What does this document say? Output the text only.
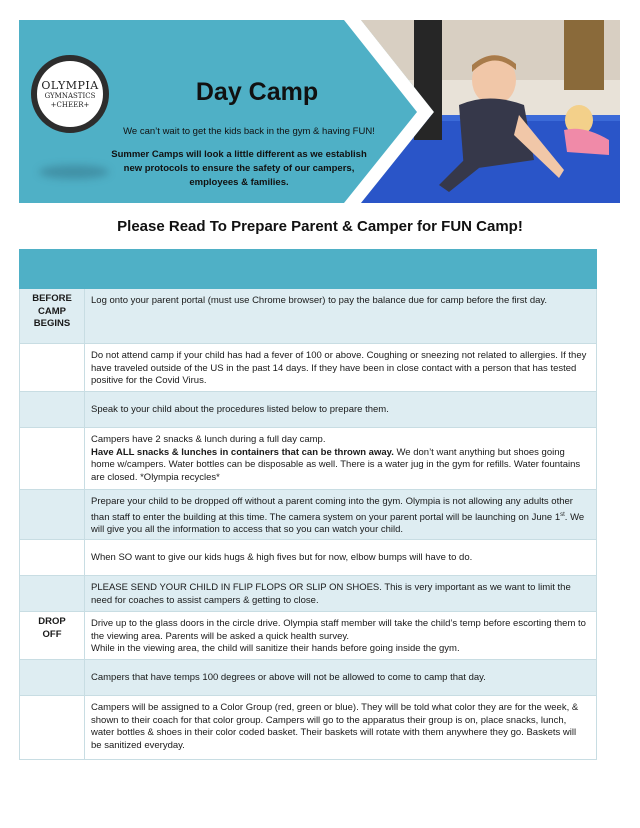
OLYMPIA
GYMNASTICS
+CHEER+	Day Camp

We can’t wait to get the kids back in the gym & having FUN!

Summer Camps will look a little different as we establish new protocols to ensure the safety of our campers, employees & families.

Please Read To Prepare Parent & Camper for FUN Camp!

BEFORE CAMP BEGINS	Log onto your parent portal (must use Chrome browser) to pay the balance due for camp before the first day.

	Do not attend camp if your child has had a fever of 100 or above. Coughing or sneezing not related to allergies. If they have traveled outside of the US in the past 14 days. If they have been in close contact with a person that has tested positive for the Covid Virus.

	Speak to your child about the procedures listed below to prepare them.

	Campers have 2 snacks & lunch during a full day camp.
Have ALL snacks & lunches in containers that can be thrown away. We don’t want anything but shoes going home w/campers. Water bottles can be disposable as well. There is a water jug in the gym for refills. Water fountains are closed. *Olympia recycles*

	Prepare your child to be dropped off without a parent coming into the gym. Olympia is not allowing any adults other than staff to enter the building at this time. The camera system on your parent portal will be launching on June 1st. We will give you all the information to access that so you can watch your child.

	When SO want to give our kids hugs & high fives but for now, elbow bumps will have to do.

	PLEASE SEND YOUR CHILD IN FLIP FLOPS OR SLIP ON SHOES. This is very important as we want to limit the need for coaches to assist campers & getting to close.

DROP OFF	Drive up to the glass doors in the circle drive. Olympia staff member will take the child’s temp before escorting them to the viewing area. Parents will be asked a quick health survey.
While in the viewing area, the child will sanitize their hands before going inside the gym.

	Campers that have temps 100 degrees or above will not be allowed to come to camp that day.

	Campers will be assigned to a Color Group (red, green or blue). They will be told what color they are for the week, & shown to their coach for that color group. Campers will go to the apparatus their group is on, place snacks, lunch, water bottles & shoes in their color coded basket. Their baskets will rotate with them anywhere they go. Baskets will be sanitized everyday.
